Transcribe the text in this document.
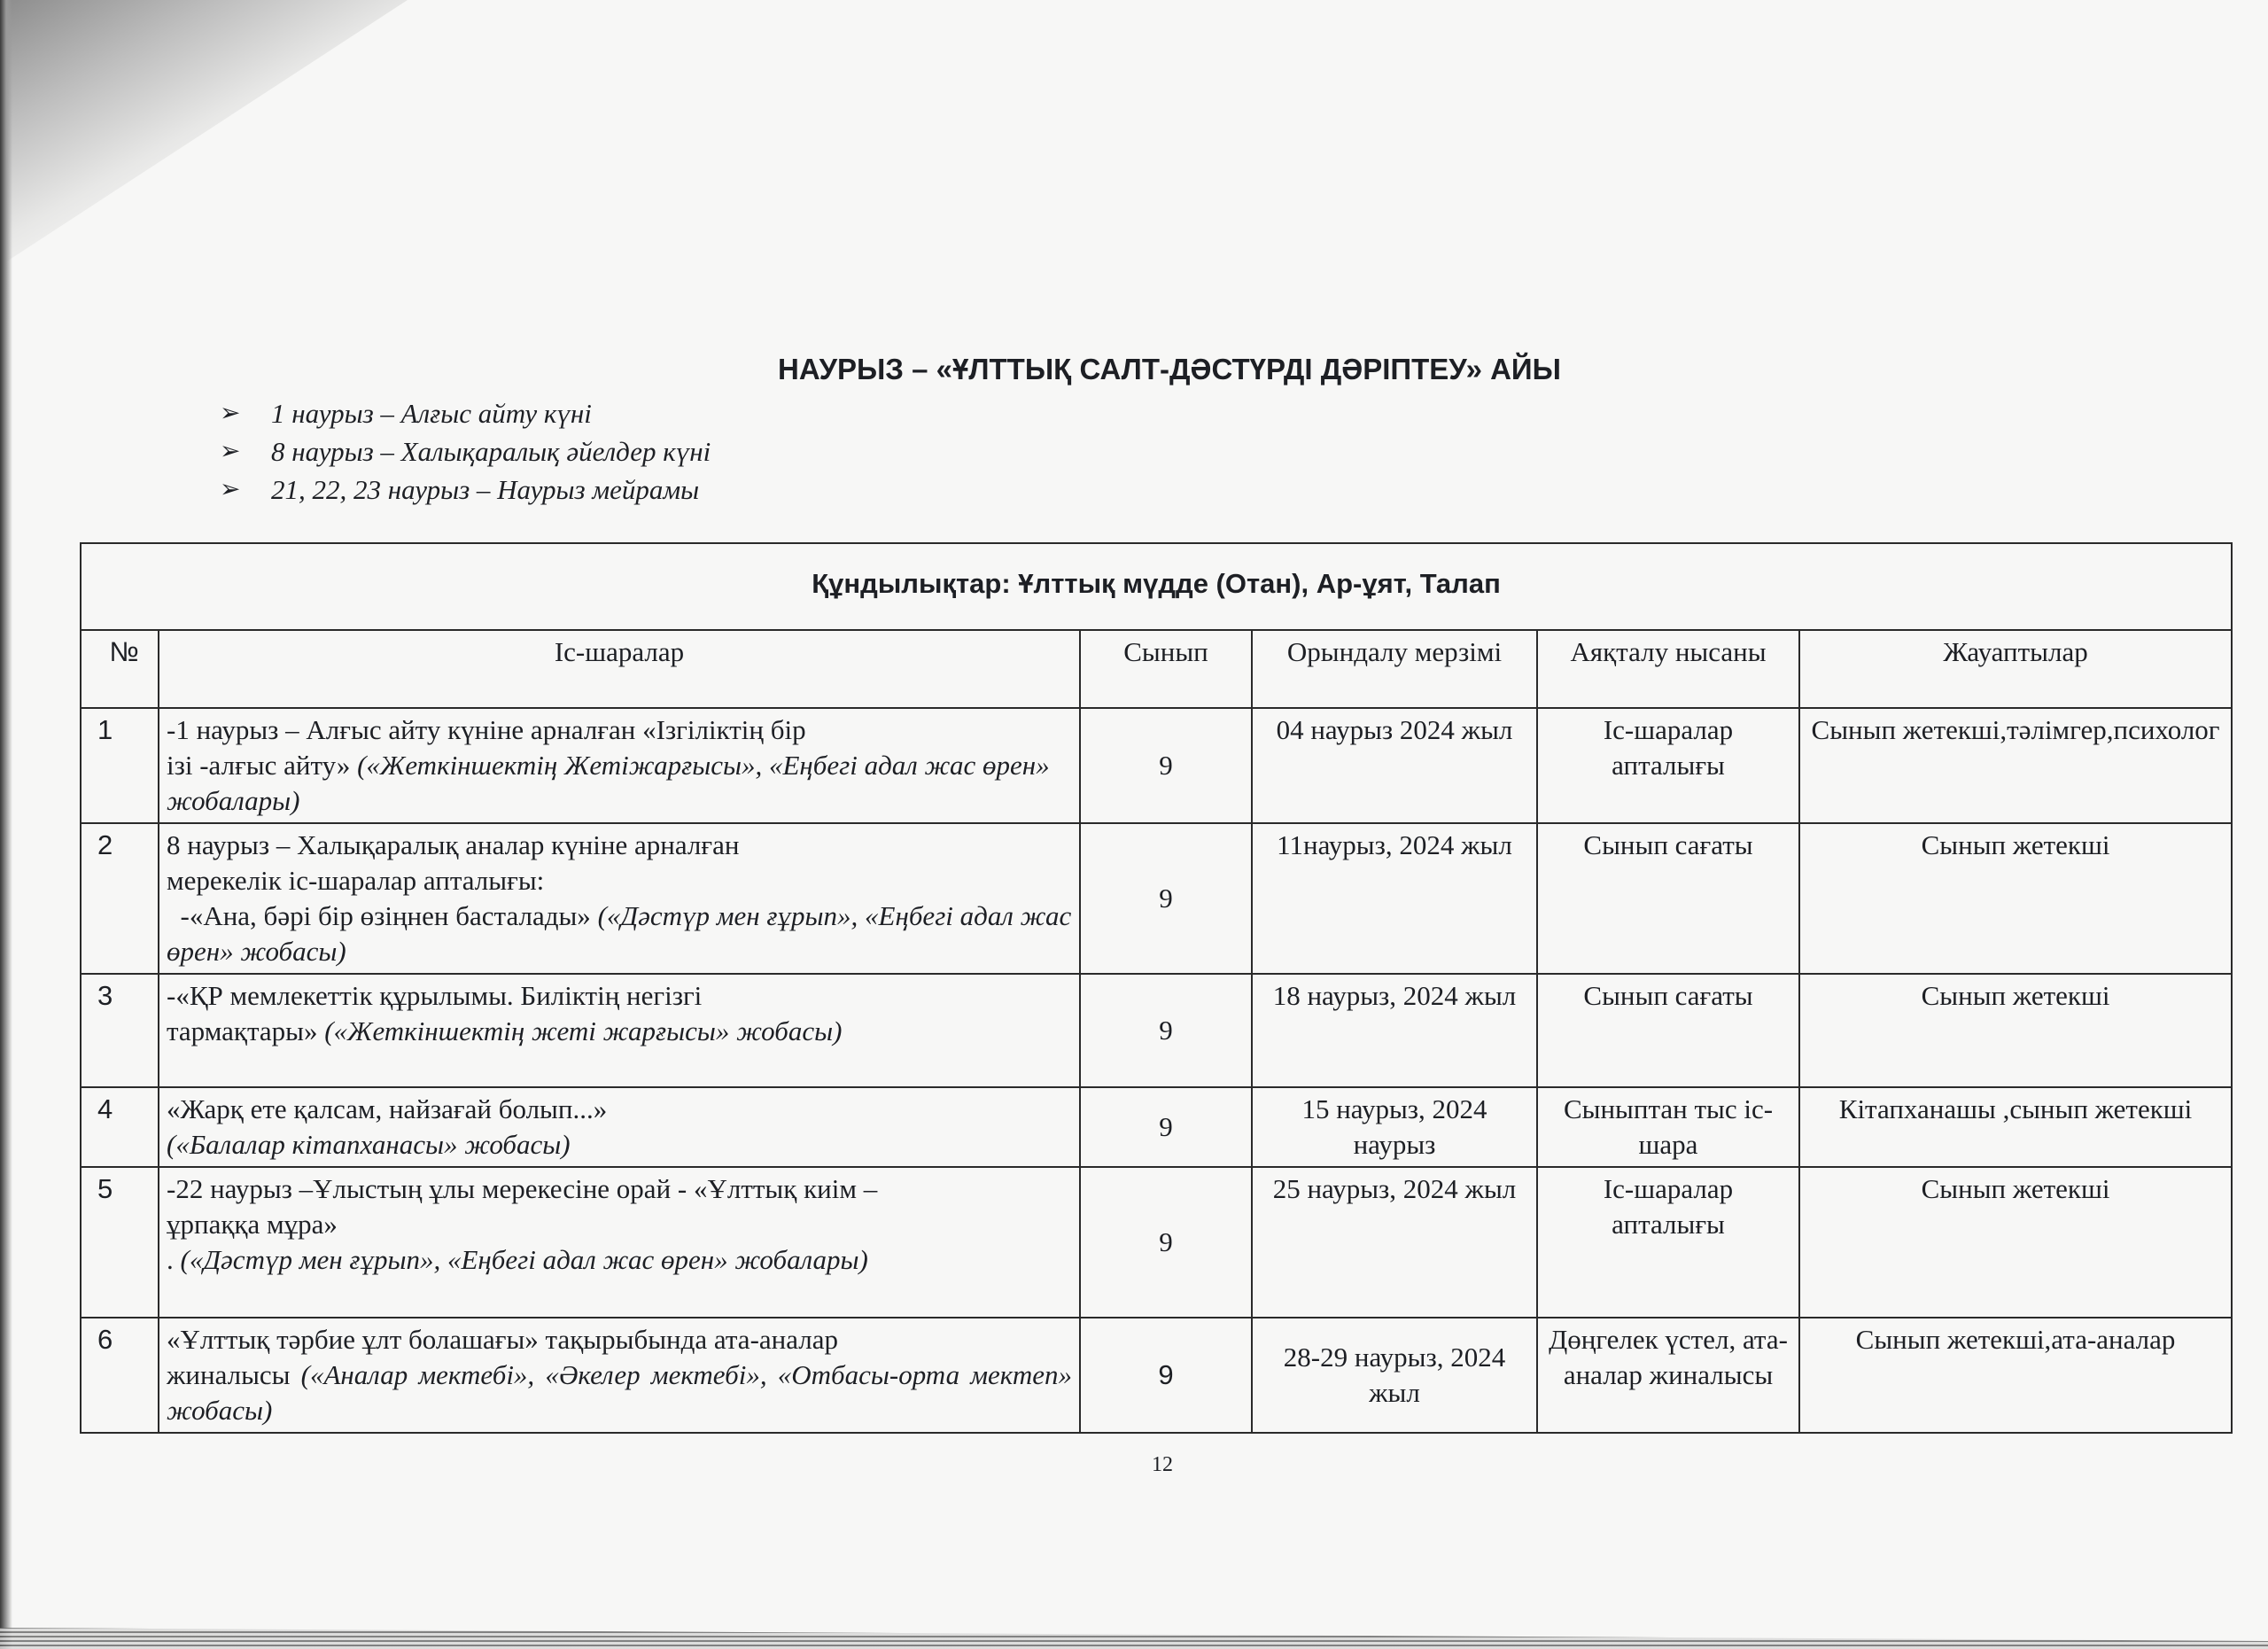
НАУРЫЗ – «ҰЛТТЫҚ САЛТ-ДӘСТҮРДІ ДӘРІПТЕУ» АЙЫ
➢ 1 наурыз – Алғыс айту күні
➢ 8 наурыз – Халықаралық әйелдер күні
➢ 21, 22, 23 наурыз – Наурыз мейрамы
Құндылықтар: Ұлттық мүдде (Отан), Ар-ұят, Талап					
№	Іс-шаралар	Сынып	Орындалу мерзімі	Аяқталу нысаны	Жауаптылар
1	-1 наурыз – Алғыс айту күніне арналған «Ізгіліктің бір
ізі -алғыс айту» («Жеткіншектің Жетіжарғысы», «Еңбегі адал жас өрен» жобалары)	9	04 наурыз 2024 жыл	Іс-шаралар апталығы	Сынып жетекші,тәлімгер,психолог
2	8 наурыз – Халықаралық аналар күніне арналған
мерекелік іс-шаралар апталығы:
-«Ана, бәрі бір өзіңнен басталады» («Дәстүр мен ғұрып», «Еңбегі адал жас өрен» жобасы)	9	11наурыз, 2024 жыл	Сынып сағаты	Сынып жетекші
3	-«ҚР мемлекеттік құрылымы. Биліктің негізгі
тармақтары» («Жеткіншектің жеті жарғысы» жобасы)	9	18 наурыз, 2024 жыл	Сынып сағаты	Сынып жетекші
4	«Жарқ ете қалсам, найзағай болып...»
(«Балалар кітапханасы» жобасы)	9	15 наурыз, 2024 наурыз	Сыныптан тыс іс-шара	Кітапханашы ,сынып жетекші
5	-22 наурыз –Ұлыстың ұлы мерекесіне орай - «Ұлттық киім –
ұрпаққа мұра»
. («Дәстүр мен ғұрып», «Еңбегі адал жас өрен» жобалары)	9	25 наурыз, 2024 жыл	Іс-шаралар апталығы	Сынып жетекші
6	«Ұлттық тәрбие ұлт болашағы» тақырыбында ата-аналар
жиналысы («Аналар мектебі», «Әкелер мектебі», «Отбасы-орта мектеп» жобасы)	9	28-29 наурыз, 2024 жыл	Дөңгелек үстел, ата-аналар жиналысы	Сынып жетекші,ата-аналар
12
